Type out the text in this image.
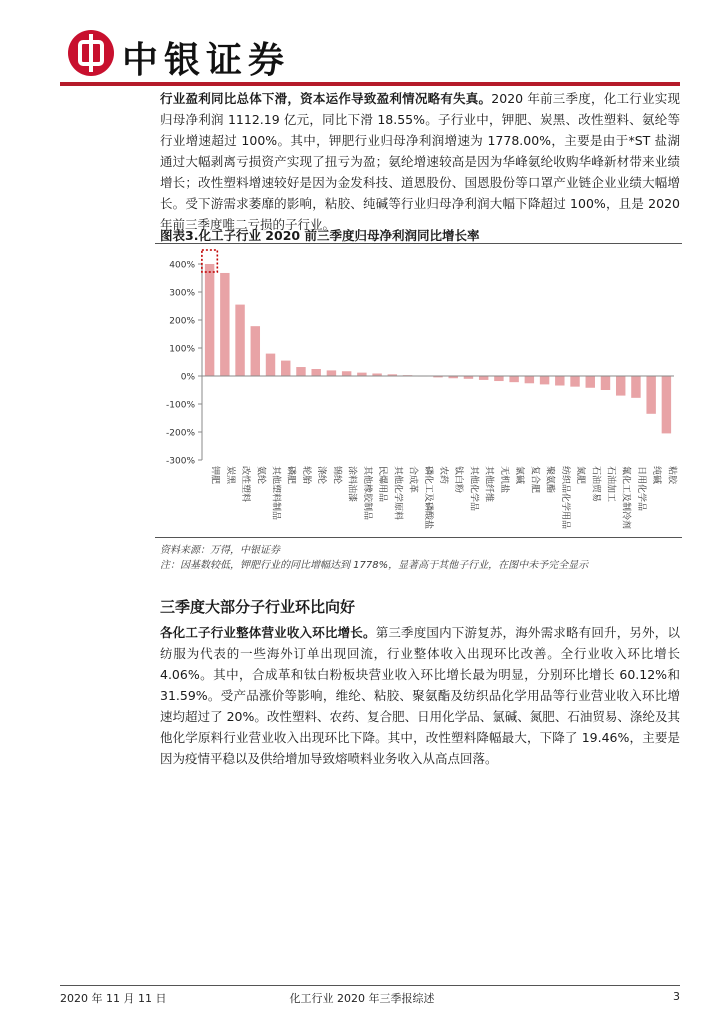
中银证券
行业盈利同比总体下滑，资本运作导致盈利情况略有失真。2020 年前三季度，化工行业实现归母净利润 1112.19 亿元，同比下滑 18.55%。子行业中，钾肥、炭黑、改性塑料、氨纶等行业增速超过 100%。其中，钾肥行业归母净利润增速为 1778.00%，主要是由于*ST 盐湖通过大幅剥离亏损资产实现了扭亏为盈；氨纶增速较高是因为华峰氨纶收购华峰新材带来业绩增长；改性塑料增速较好是因为金发科技、道恩股份、国恩股份等口罩产业链企业业绩大幅增长。受下游需求萎靡的影响，粘胶、纯碱等行业归母净利润大幅下降超过 100%，且是 2020 年前三季度唯二亏损的子行业。
图表3.化工子行业 2020 前三季度归母净利润同比增长率
-300%
-200%
-100%
0%
100%
200%
300%
400%
钾肥 炭黑 改性塑料 氨纶 其他塑料制品 磷肥 轮胎 涤纶 锦纶 涂料油漆 其他橡胶制品 民爆用品 其他化学原料 合成革 磷化工及磷酸盐 农药 钛白粉 其他化学品 其他纤维 无机盐 氯碱 复合肥 聚氨酯 纺织品化学用品 氮肥 石油贸易 石油加工 氟化工及制冷剂 日用化学品 纯碱 粘胶
资料来源：万得，中银证券
注：因基数较低，钾肥行业的同比增幅达到 1778%，显著高于其他子行业，在图中未予完全显示
三季度大部分子行业环比向好
各化工子行业整体营业收入环比增长。第三季度国内下游复苏，海外需求略有回升，另外，以纺服为代表的一些海外订单出现回流，行业整体收入出现环比改善。全行业收入环比增长 4.06%。其中，合成革和钛白粉板块营业收入环比增长最为明显，分别环比增长 60.12%和 31.59%。受产品涨价等影响，维纶、粘胶、聚氨酯及纺织品化学用品等行业营业收入环比增速均超过了 20%。改性塑料、农药、复合肥、日用化学品、氯碱、氮肥、石油贸易、涤纶及其他化学原料行业营业收入出现环比下降。其中，改性塑料降幅最大，下降了 19.46%，主要是因为疫情平稳以及供给增加导致熔喷料业务收入从高点回落。
2020 年 11 月 11 日	化工行业 2020 年三季报综述	3
